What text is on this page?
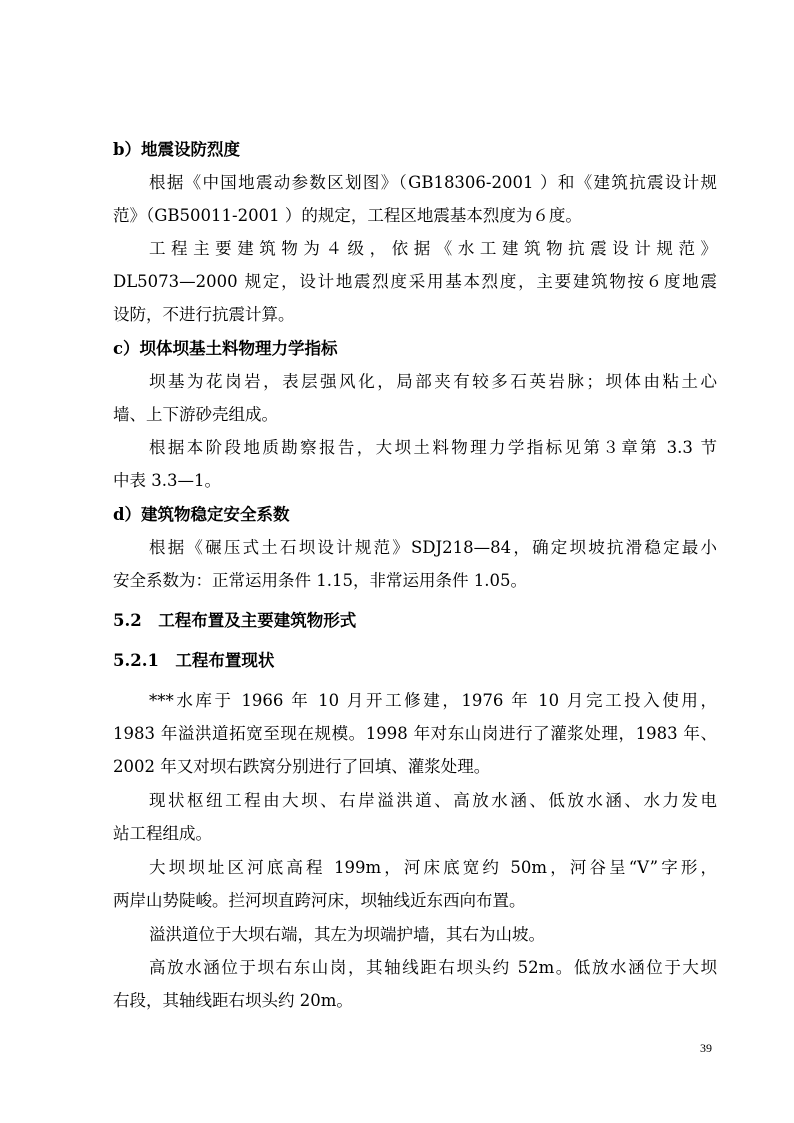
b）地震设防烈度
根据《中国地震动参数区划图》（GB18306-2001 ）和《建筑抗震设计规
范》（GB50011-2001 ）的规定，工程区地震基本烈度为６度。
工程主要建筑物为４级，依据《水工建筑物抗震设计规范》
DL5073—2000 规定，设计地震烈度采用基本烈度，主要建筑物按６度地震
设防，不进行抗震计算。
c）坝体坝基土料物理力学指标
坝基为花岗岩，表层强风化，局部夹有较多石英岩脉；坝体由粘土心
墙、上下游砂壳组成。
根据本阶段地质勘察报告，大坝土料物理力学指标见第３章第 3.3 节
中表 3.3—1。
d）建筑物稳定安全系数
根据《碾压式土石坝设计规范》SDJ218—84，确定坝坡抗滑稳定最小
安全系数为：正常运用条件 1.15，非常运用条件 1.05。
5.2　工程布置及主要建筑物形式
5.2.1　工程布置现状
***水库于 1966 年 10 月开工修建，1976 年 10 月完工投入使用，
1983 年溢洪道拓宽至现在规模。1998 年对东山岗进行了灌浆处理，1983 年、
2002 年又对坝右跌窝分别进行了回填、灌浆处理。
现状枢纽工程由大坝、右岸溢洪道、高放水涵、低放水涵、水力发电
站工程组成。
大坝坝址区河底高程 199m，河床底宽约 50m，河谷呈“V”字形，
两岸山势陡峻。拦河坝直跨河床，坝轴线近东西向布置。
溢洪道位于大坝右端，其左为坝端护墙，其右为山坡。
高放水涵位于坝右东山岗，其轴线距右坝头约 52m。低放水涵位于大坝
右段，其轴线距右坝头约 20m。
39
